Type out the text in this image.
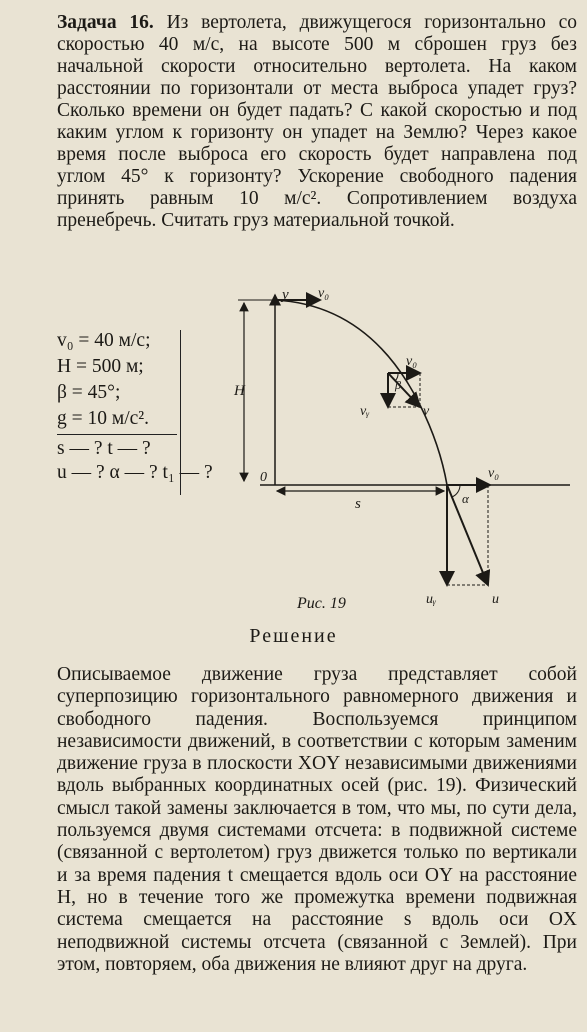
Задача 16. Из вертолета, движущегося горизонтально со скоростью 40 м/с, на высоте 500 м сброшен груз без начальной скорости относительно вертолета. На каком расстоянии по горизонтали от места выброса упадет груз? Сколько времени он будет падать? С какой скоростью и под каким углом к горизонту он упадет на Землю? Через какое время после выброса его скорость будет направлена под углом 45° к горизонту? Ускорение свободного падения принять равным 10 м/с². Сопротивлением воздуха пренебречь. Считать груз материальной точкой.
v₀ = 40 м/с;
H = 500 м;
β = 45°;
g = 10 м/с².
s — ? t — ?
u — ? α — ? t₁ — ?
H
v₀
v₀
vᵧ	v
β
0
y
s
v₀
uᵧ	u
α
Рис. 19
Решение

Описываемое движение груза представляет собой суперпозицию горизонтального равномерного движения и свободного падения. Воспользуемся принципом независимости движений, в соответствии с которым заменим движение груза в плоскости XOY независимыми движениями вдоль выбранных координатных осей (рис. 19). Физический смысл такой замены заключается в том, что мы, по сути дела, пользуемся двумя системами отсчета: в подвижной системе (связанной с вертолетом) груз движется только по вертикали и за время падения t смещается вдоль оси OY на расстояние H, но в течение того же промежутка времени подвижная система смещается на расстояние s вдоль оси OX неподвижной системы отсчета (связанной с Землей). При этом, повторяем, оба движения не влияют друг на друга.
